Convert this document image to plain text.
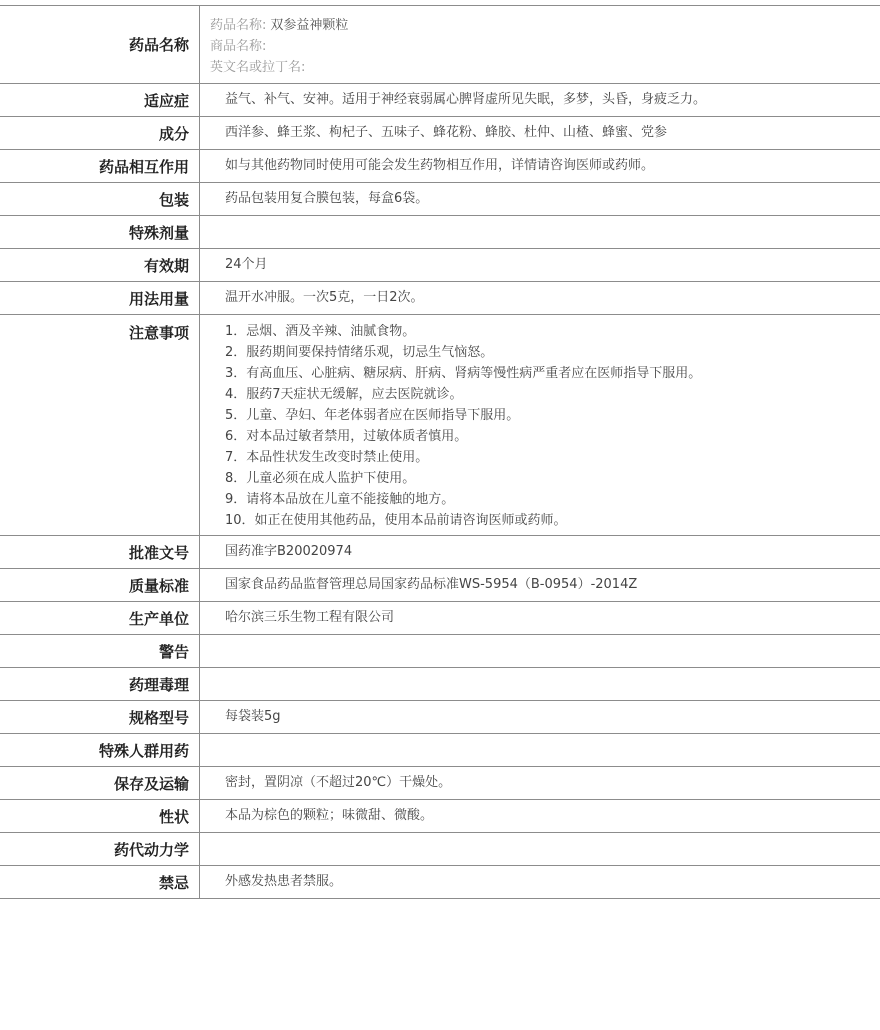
药品名称
药品名称: 双参益神颗粒
商品名称:
英文名或拉丁名:
适应症	益气、补气、安神。适用于神经衰弱属心脾肾虚所见失眠，多梦，头昏，身疲乏力。
成分	西洋参、蜂王浆、枸杞子、五味子、蜂花粉、蜂胶、杜仲、山楂、蜂蜜、党参
药品相互作用	如与其他药物同时使用可能会发生药物相互作用，详情请咨询医师或药师。
包装	药品包装用复合膜包装，每盒6袋。
特殊剂量
有效期	24个月
用法用量	温开水冲服。一次5克，一日2次。
注意事项	1．忌烟、酒及辛辣、油腻食物。
2．服药期间要保持情绪乐观，切忌生气恼怒。
3．有高血压、心脏病、糖尿病、肝病、肾病等慢性病严重者应在医师指导下服用。
4．服药7天症状无缓解，应去医院就诊。
5．儿童、孕妇、年老体弱者应在医师指导下服用。
6．对本品过敏者禁用，过敏体质者慎用。
7．本品性状发生改变时禁止使用。
8．儿童必须在成人监护下使用。
9．请将本品放在儿童不能接触的地方。
10．如正在使用其他药品，使用本品前请咨询医师或药师。
批准文号	国药准字B20020974
质量标准	国家食品药品监督管理总局国家药品标准WS-5954（B-0954）-2014Z
生产单位	哈尔滨三乐生物工程有限公司
警告
药理毒理
规格型号	每袋装5g
特殊人群用药
保存及运输	密封，置阴凉（不超过20℃）干燥处。
性状	本品为棕色的颗粒；味微甜、微酸。
药代动力学
禁忌	外感发热患者禁服。
